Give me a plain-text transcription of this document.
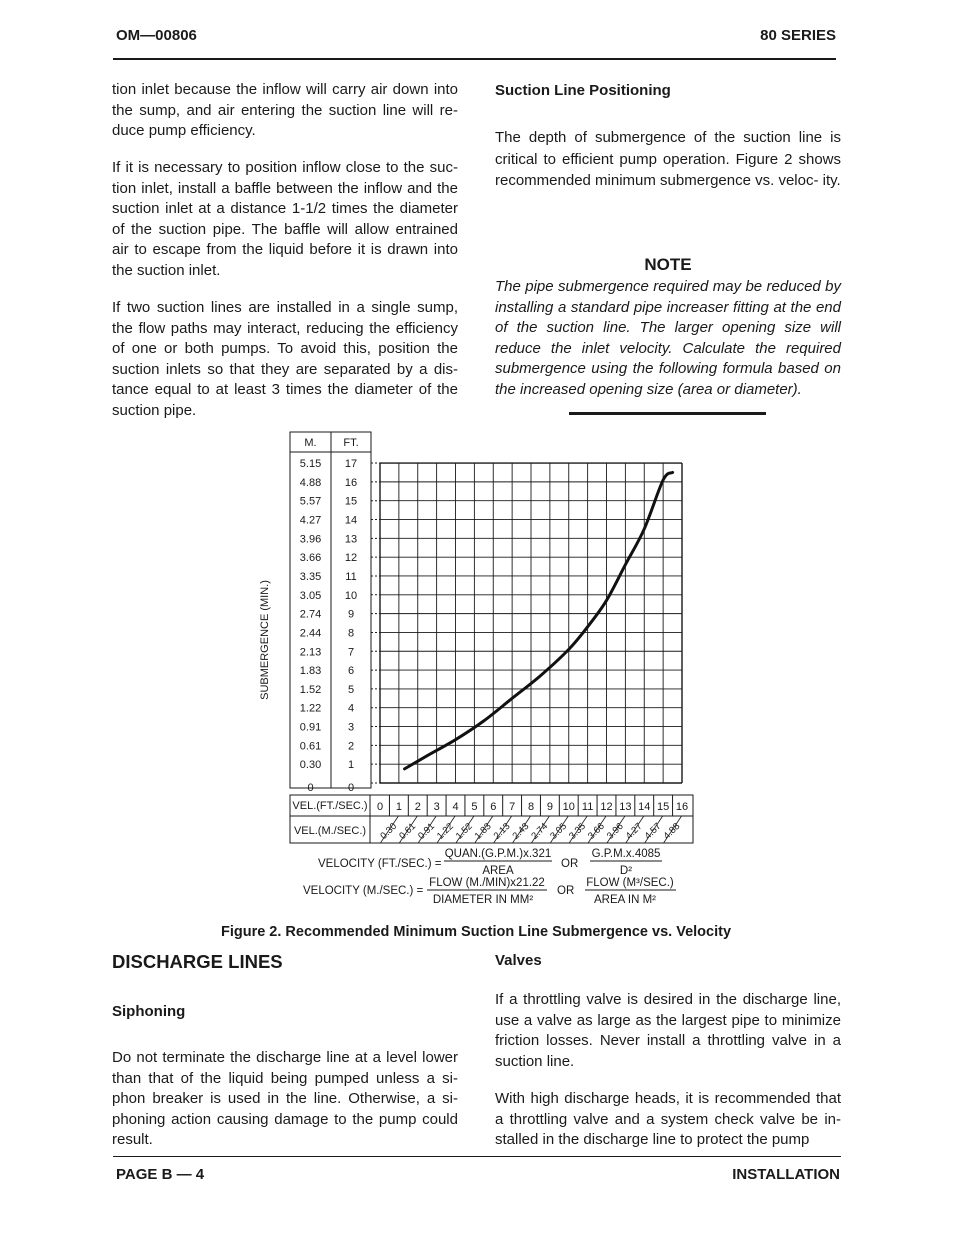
OM—00806	80 SERIES
tion inlet because the inflow will carry air down into the sump, and air entering the suction line will re- duce pump efficiency.
If it is necessary to position inflow close to the suc- tion inlet, install a baffle between the inflow and the suction inlet at a distance 1-1/2 times the diameter of the suction pipe. The baffle will allow entrained air to escape from the liquid before it is drawn into the suction inlet.
If two suction lines are installed in a single sump, the flow paths may interact, reducing the efficiency of one or both pumps. To avoid this, position the suction inlets so that they are separated by a dis- tance equal to at least 3 times the diameter of the suction pipe.
Suction Line Positioning
The depth of submergence of the suction line is critical to efficient pump operation. Figure 2 shows recommended minimum submergence vs. veloc- ity.
NOTE
The pipe submergence required may be reduced by installing a standard pipe increaser fitting at the end of the suction line. The larger opening size will reduce the inlet velocity. Calculate the required submergence using the following formula based on the increased opening size (area or diameter).
M. FT.
5.15 17
4.88 16
5.57 15
4.27 14
3.96 13
3.66 12
3.35 11
3.05 10
2.74 9
2.44 8
2.13 7
1.83 6
1.52 5
1.22 4
0.91 3
0.61 2
0.30 1
0	0
VEL.(FT./SEC.)
VEL.(M./SEC.)
0 1 2 3 4 5 6 7 8 9 10 11 12 13 14 15 16
0.30
0.61
0.91
1.22
1.52
1.83
2.13
2.43
2.74
3.05
3.35
3.66
3.96
4.27
4.57
4.88
SUBMERGENCE (MIN.)
VELOCITY (FT./SEC.) =
QUAN.(G.P.M.)x.321
AREA
OR
G.P.M.x.4085
D²
VELOCITY (M./SEC.) =
FLOW (M./MIN)x21.22
DIAMETER IN MM²
OR
FLOW (M³/SEC.)
AREA IN M²
Figure 2. Recommended Minimum Suction Line Submergence vs. Velocity
DISCHARGE LINES
Siphoning
Do not terminate the discharge line at a level lower than that of the liquid being pumped unless a si- phon breaker is used in the line. Otherwise, a si- phoning action causing damage to the pump could result.
Valves
If a throttling valve is desired in the discharge line, use a valve as large as the largest pipe to minimize friction losses. Never install a throttling valve in a suction line.
With high discharge heads, it is recommended that a throttling valve and a system check valve be in- stalled in the discharge line to protect the pump
PAGE B — 4	INSTALLATION
